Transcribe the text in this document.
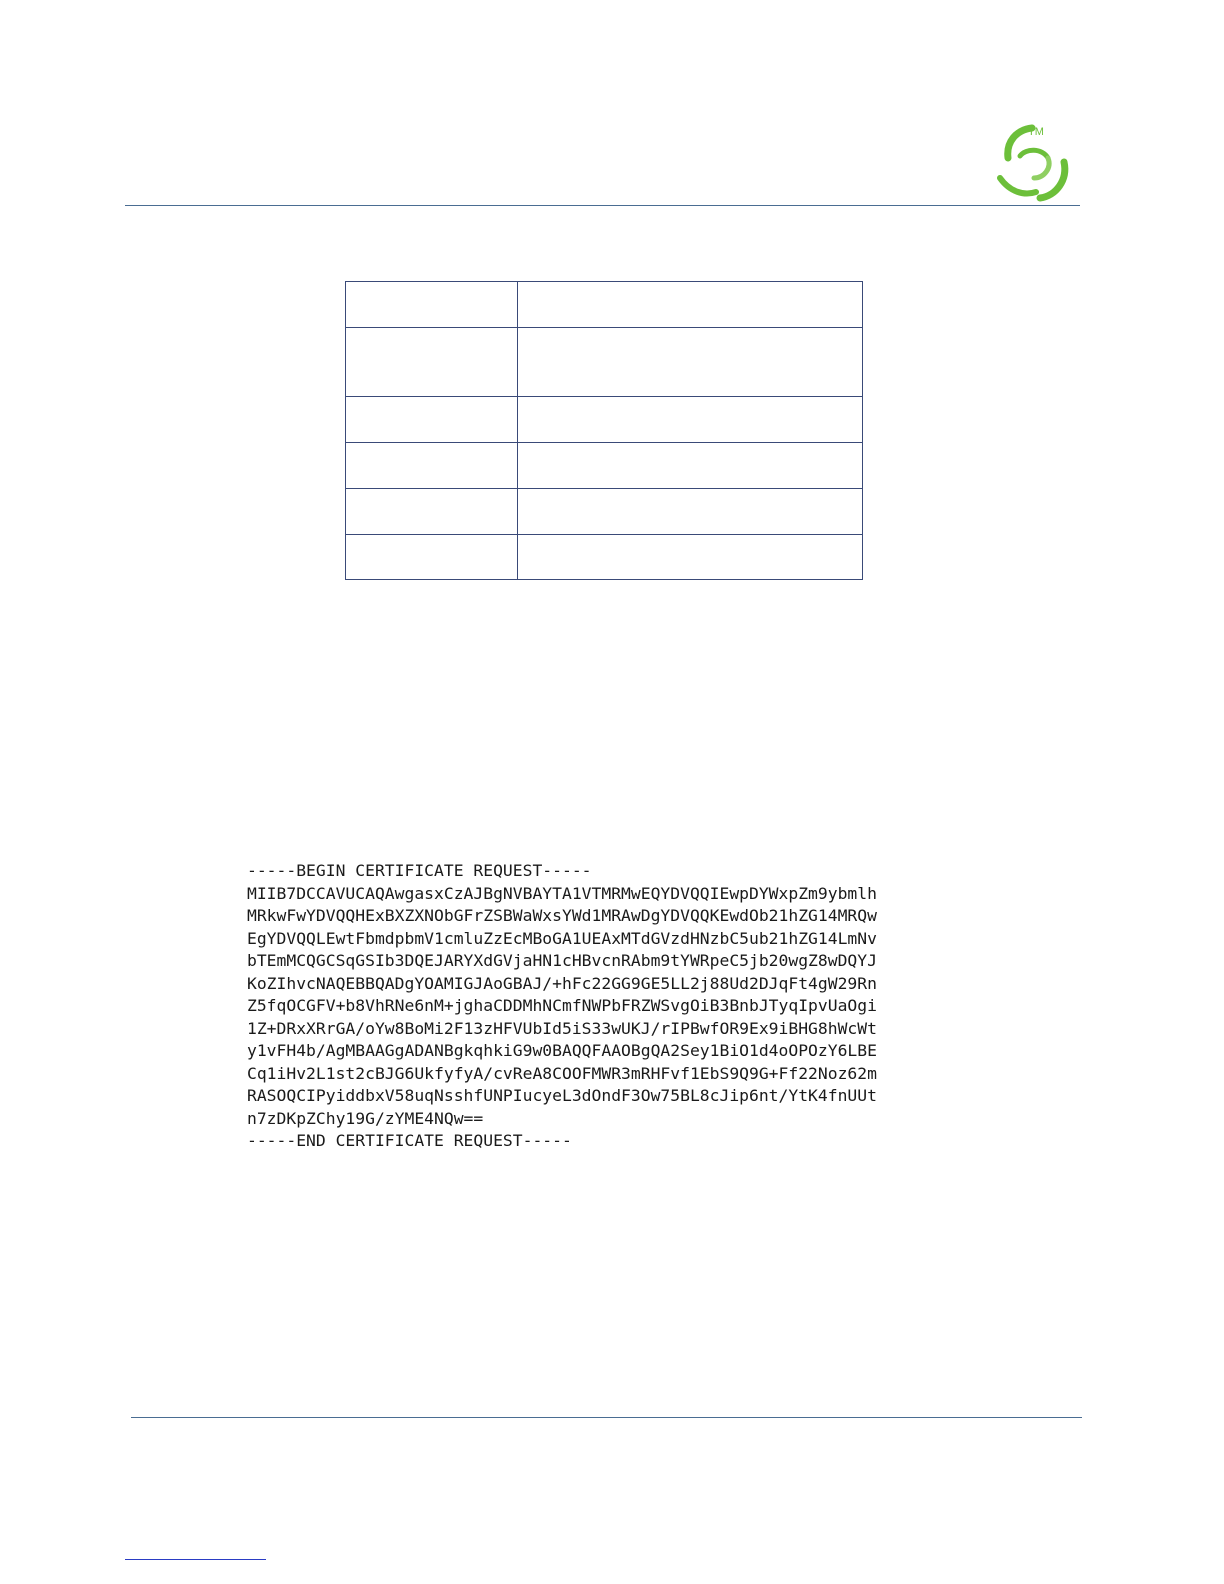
TM

-----BEGIN CERTIFICATE REQUEST-----
MIIB7DCCAVUCAQAwgasxCzAJBgNVBAYTA1VTMRMwEQYDVQQIEwpDYWxpZm9ybmlh
MRkwFwYDVQQHExBXZXNObGFrZSBWaWxsYWd1MRAwDgYDVQQKEwdOb21hZG14MRQw
EgYDVQQLEwtFbmdpbmV1cmluZzEcMBoGA1UEAxMTdGVzdHNzbC5ub21hZG14LmNv
bTEmMCQGCSqGSIb3DQEJARYXdGVjaHN1cHBvcnRAbm9tYWRpeC5jb20wgZ8wDQYJ
KoZIhvcNAQEBBQADgYOAMIGJAoGBAJ/+hFc22GG9GE5LL2j88Ud2DJqFt4gW29Rn
Z5fqOCGFV+b8VhRNe6nM+jghaCDDMhNCmfNWPbFRZWSvgOiB3BnbJTyqIpvUaOgi
1Z+DRxXRrGA/oYw8BoMi2F13zHFVUbId5iS33wUKJ/rIPBwfOR9Ex9iBHG8hWcWt
y1vFH4b/AgMBAAGgADANBgkqhkiG9w0BAQQFAAOBgQA2Sey1BiO1d4oOPOzY6LBE
Cq1iHv2L1st2cBJG6UkfyfyA/cvReA8COOFMWR3mRHFvf1EbS9Q9G+Ff22Noz62m
RASOQCIPyiddbxV58uqNsshfUNPIucyeL3dOndF3Ow75BL8cJip6nt/YtK4fnUUt
n7zDKpZChy19G/zYME4NQw==
-----END CERTIFICATE REQUEST-----
